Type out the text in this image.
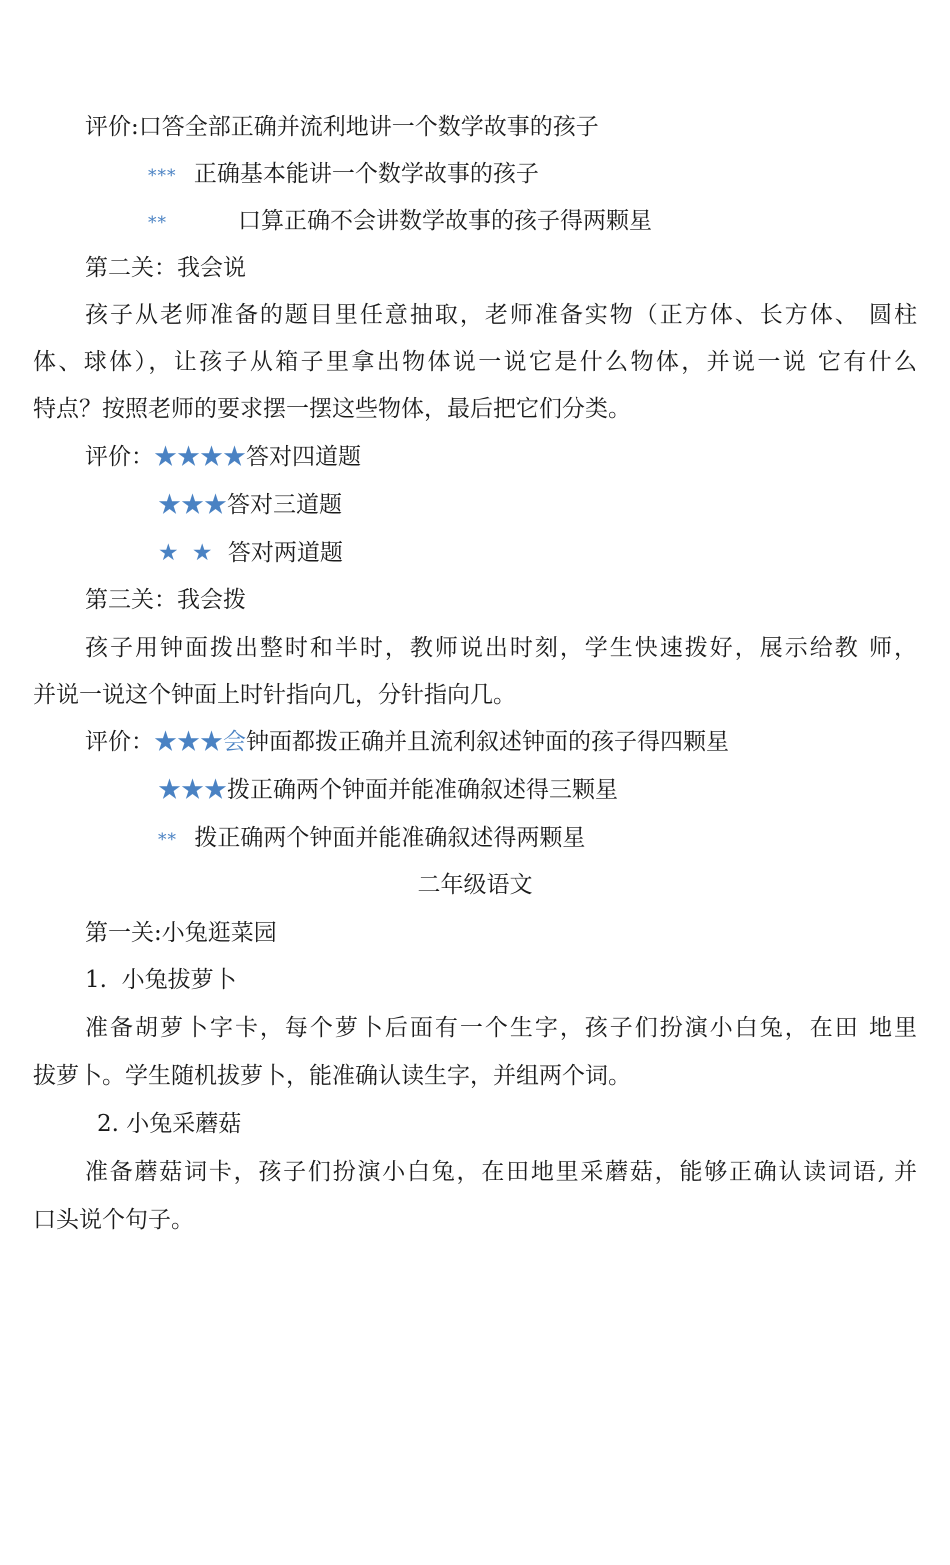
评价:口答全部正确并流利地讲一个数学故事的孩子
*** 正确基本能讲一个数学故事的孩子
**	口算正确不会讲数学故事的孩子得两颗星
第二关：我会说
孩子从老师准备的题目里任意抽取，老师准备实物（正方体、长方体、 圆柱
体、球体），让孩子从箱子里拿出物体说一说它是什么物体，并说一说 它有什么
特点？按照老师的要求摆一摆这些物体，最后把它们分类。
评价：★★★★答对四道题
★★★答对三道题
★ ★ 答对两道题
第三关：我会拨
孩子用钟面拨出整时和半时，教师说出时刻，学生快速拨好，展示给教 师，
并说一说这个钟面上时针指向几，分针指向几。
评价：★★★会钟面都拨正确并且流利叙述钟面的孩子得四颗星
★★★拨正确两个钟面并能准确叙述得三颗星
** 拨正确两个钟面并能准确叙述得两颗星
二年级语文
第一关:小兔逛菜园
1.  小兔拔萝卜
准备胡萝卜字卡，每个萝卜后面有一个生字，孩子们扮演小白兔，在田 地里
拔萝卜。学生随机拔萝卜，能准确认读生字，并组两个词。
2. 小兔采蘑菇
准备蘑菇词卡，孩子们扮演小白兔，在田地里采蘑菇，能够正确认读词语, 并
口头说个句子。
